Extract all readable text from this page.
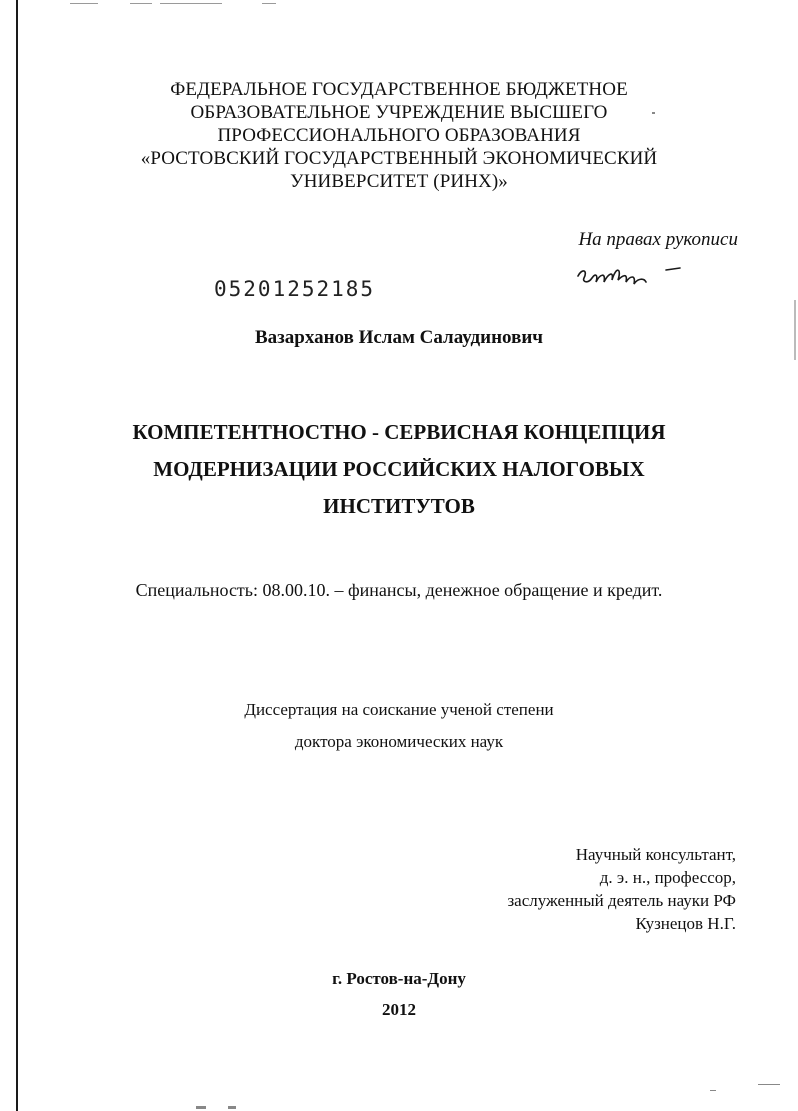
ФЕДЕРАЛЬНОЕ ГОСУДАРСТВЕННОЕ БЮДЖЕТНОЕ
ОБРАЗОВАТЕЛЬНОЕ УЧРЕЖДЕНИЕ ВЫСШЕГО
ПРОФЕССИОНАЛЬНОГО ОБРАЗОВАНИЯ
«РОСТОВСКИЙ ГОСУДАРСТВЕННЫЙ ЭКОНОМИЧЕСКИЙ
УНИВЕРСИТЕТ (РИНХ)»
На правах рукописи
05201252185
Вазарханов Ислам Салаудинович
КОМПЕТЕНТНОСТНО - СЕРВИСНАЯ КОНЦЕПЦИЯ
МОДЕРНИЗАЦИИ РОССИЙСКИХ НАЛОГОВЫХ
ИНСТИТУТОВ
Специальность: 08.00.10. – финансы, денежное обращение и кредит.
Диссертация на соискание ученой степени
доктора экономических наук
Научный консультант,
д. э. н., профессор,
заслуженный деятель науки РФ
Кузнецов Н.Г.
г. Ростов-на-Дону
2012
